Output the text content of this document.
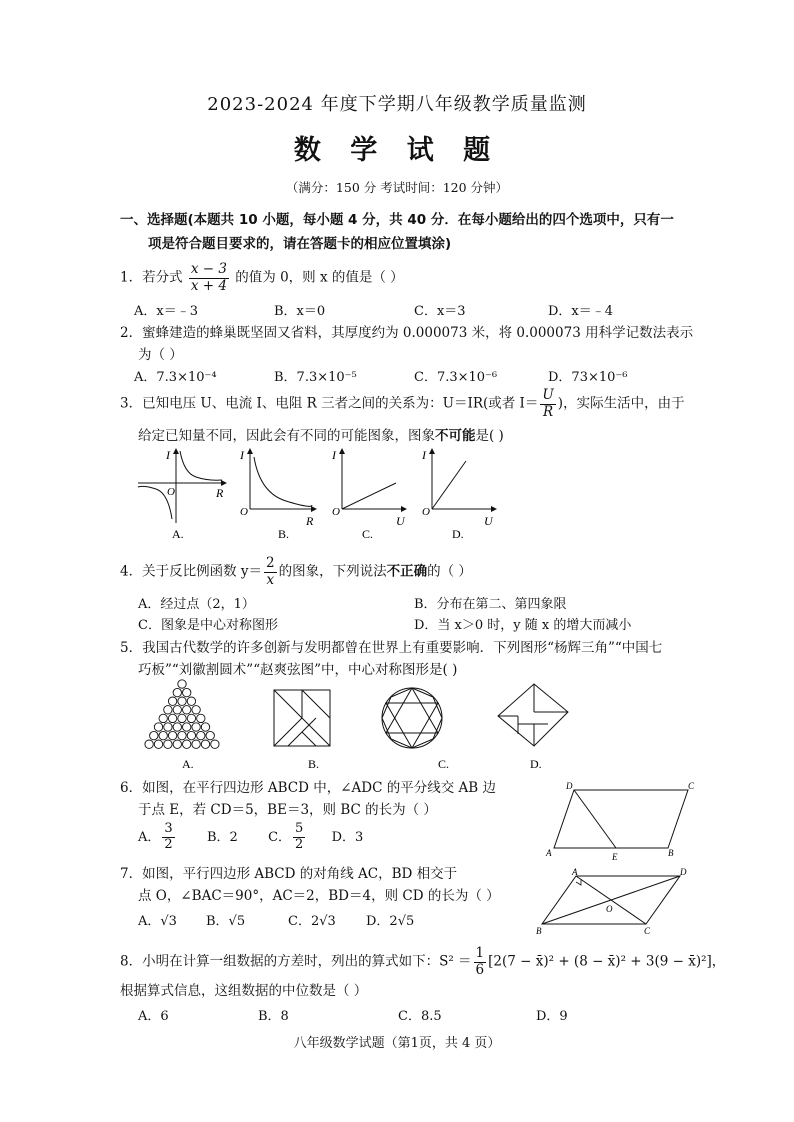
2023-2024 年度下学期八年级教学质量监测
数 学 试 题
（满分：150 分 考试时间：120 分钟）
一、选择题(本题共 10 小题，每小题 4 分，共 40 分．在每小题给出的四个选项中，只有一
项是符合题目要求的，请在答题卡的相应位置填涂)
1．若分式 $\frac{x - 3}{x + 4}$ 的值为 0，则 x 的值是（ ）
A．x＝﹣3	B．x＝0	C．x＝3	D．x＝﹣4
2．蜜蜂建造的蜂巢既坚固又省料，其厚度约为 0.000073 米，将 0.000073 用科学记数法表示
为（ ）
A．7.3×10⁻⁴	B．7.3×10⁻⁵	C．7.3×10⁻⁶	D．73×10⁻⁶
3．已知电压 U、电流 I、电阻 R 三者之间的关系为：U＝IR(或者 $I= \frac{U}{R}$ )，实际生活中，由于
给定已知量不同，因此会有不同的可能图象，图象不可能是( )
I
O	R
A.
I
O
R
B.
I
O
U
C.
I
O
U
D.
4．关于反比例函数 $y= \frac{2}{x}$ 的图象，下列说法不正确的（ ）
A．经过点（2，1）	B．分布在第二、第四象限
C．图象是中心对称图形	D．当 x＞0 时，y 随 x 的增大而减小
5．我国古代数学的许多创新与发明都曾在世界上有重要影响．下列图形“杨辉三角”“中国七
巧板”“刘徽割圆术”“赵爽弦图”中，中心对称图形是( )
A.	B.	C.	D.
6．如图，在平行四边形 ABCD 中，∠ADC 的平分线交 AB 边
于点 E，若 CD＝5，BE＝3，则 BC 的长为（ ）
A． $\frac{3}{2}$ B．2 C． $\frac{5}{2}$ D．3
D	C
A	E	B
7．如图，平行四边形 ABCD 的对角线 AC，BD 相交于
点 O，∠BAC＝90°，AC＝2，BD＝4，则 CD 的长为（ ）
A．√3 B．√5	C．2√3 D．2√5
A	D
O
B	C
8．小明在计算一组数据的方差时，列出的算式如下：$S^2 = \frac{1}{6} [2(7$ − x̄)² + (8 − x̄)² + 3(9 − x̄)²]，
根据算式信息，这组数据的中位数是（ ）
A．6	B．8	C．8.5	D．9
八年级数学试题（第1页，共 4 页）
